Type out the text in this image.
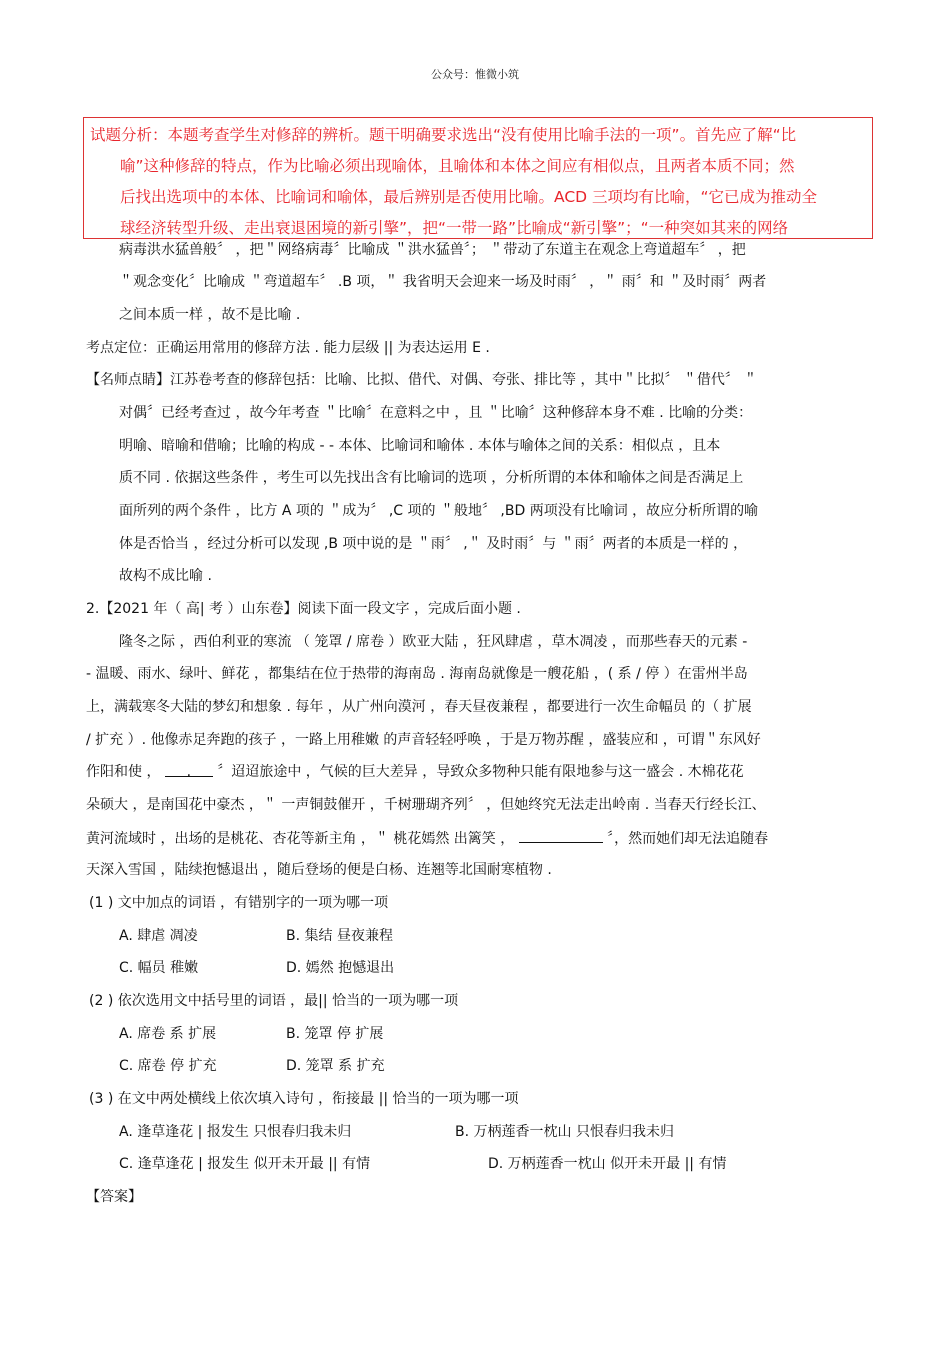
公众号：惟微小筑
试题分析：本题考查学生对修辞的辨析。题干明确要求选出“没有使用比喻手法的一项”。首先应了解“比
喻”这种修辞的特点，作为比喻必须出现喻体，且喻体和本体之间应有相似点，且两者本质不同；然
后找出选项中的本体、比喻词和喻体，最后辨别是否使用比喻。ACD 三项均有比喻，“它已成为推动全
球经济转型升级、走出衰退困境的新引擎”，把“一带一路”比喻成“新引擎”；“一种突如其来的网络
病毒洪水猛兽般〞 ，把＂网络病毒〞比喻成 ＂洪水猛兽〞； ＂带动了东道主在观念上弯道超车〞 ，把
＂观念变化〞比喻成 ＂弯道超车〞 .B 项，＂ 我省明天会迎来一场及时雨〞 ，＂ 雨〞和 ＂及时雨〞两者
之间本质一样 ，故不是比喻 .
考点定位：正确运用常用的修辞方法 . 能力层级 || 为表达运用 E .
【名师点睛】江苏卷考查的修辞包括：比喻、比拟、借代、对偶、夸张、排比等 ，其中＂比拟〞 ＂借代〞 ＂
对偶〞已经考查过 ，故今年考查 ＂比喻〞在意料之中 ，且 ＂比喻〞这种修辞本身不难 . 比喻的分类：
明喻、暗喻和借喻；比喻的构成 - - 本体、比喻词和喻体 . 本体与喻体之间的关系：相似点 ，且本
质不同 . 依据这些条件 ，考生可以先找出含有比喻词的选项 ，分析所谓的本体和喻体之间是否满足上
面所列的两个条件 ，比方 A 项的 ＂成为〞 ,C 项的 ＂般地〞 ,BD 两项没有比喻词 ，故应分析所谓的喻
体是否恰当 ，经过分析可以发现 ,B 项中说的是 ＂雨〞 ,＂ 及时雨〞与 ＂雨〞两者的本质是一样的 ，
故构不成比喻 .
2.【2021 年（ 高| 考 ）山东卷】阅读下面一段文字 ，完成后面小题 .
隆冬之际 ，西伯利亚的寒流 （ 笼罩 / 席卷 ）欧亚大陆 ，狂风肆虐 ，草木凋凌 ，而那些春天的元素 -
- 温暖、雨水、绿叶、鲜花 ，都集结在位于热带的海南岛 . 海南岛就像是一艘花船 ，( 系 / 停 ）在雷州半岛
上，满载寒冬大陆的梦幻和想象 . 每年 ，从广州向漠河 ，春天昼夜兼程 ，都要进行一次生命幅员 的（ 扩展
/ 扩充 ）. 他像赤足奔跑的孩子 ，一路上用稚嫩 的声音轻轻呼唤 ，于是万物苏醒 ，盛装应和 ，可谓＂东风好
作阳和使 ， . 〞迢迢旅途中 ，气候的巨大差异 ，导致众多物种只能有限地参与这一盛会 . 木棉花花
朵硕大 ，是南国花中豪杰 ，＂ 一声铜鼓催开 ，千树珊瑚齐列〞 ，但她终究无法走出岭南 . 当春天行经长江、
黄河流域时 ，出场的是桃花、杏花等新主角 ，＂ 桃花嫣然 出篱笑 ，	〞，然而她们却无法追随春
天深入雪国 ，陆续抱憾退出 ，随后登场的便是白杨、连翘等北国耐寒植物 .
(1 ) 文中加点的词语 ，有错别字的一项为哪一项
A. 肆虐 凋凌	B. 集结 昼夜兼程
C. 幅员 稚嫩	D. 嫣然 抱憾退出
(2 ) 依次选用文中括号里的词语 ，最|| 恰当的一项为哪一项
A. 席卷 系 扩展	B. 笼罩 停 扩展
C. 席卷 停 扩充	D. 笼罩 系 扩充
(3 ) 在文中两处横线上依次填入诗句 ，衔接最 || 恰当的一项为哪一项
A. 逢草逢花 | 报发生 只恨春归我未归	B. 万柄莲香一枕山 只恨春归我未归
C. 逢草逢花 | 报发生 似开未开最 || 有情	D. 万柄莲香一枕山 似开未开最 || 有情
【答案】
